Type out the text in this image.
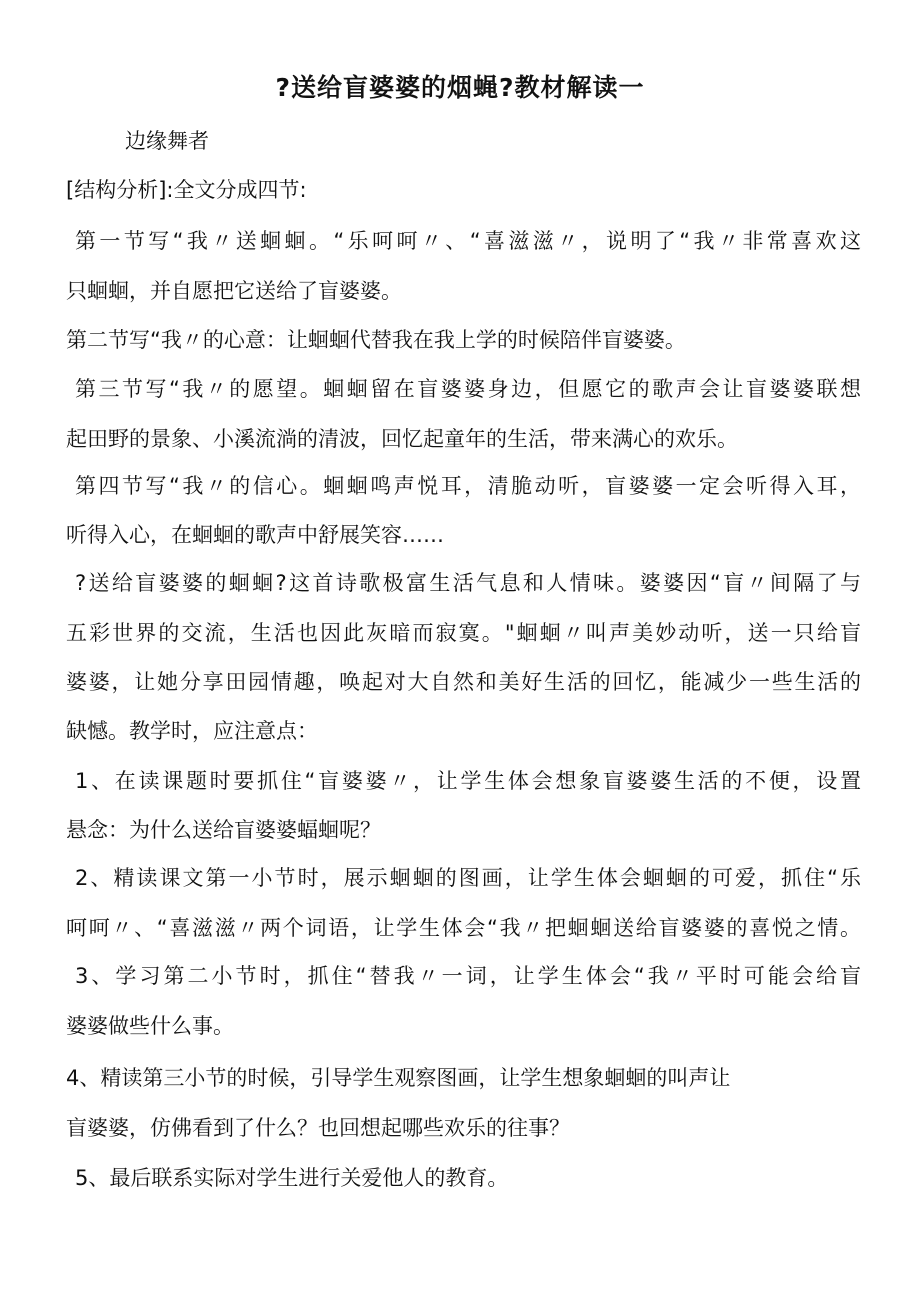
?送给盲婆婆的烟蝇?教材解读一
边缘舞者
[结构分析]:全文分成四节:
第一节写“我〃送蛔蛔。“乐呵呵〃、“喜滋滋〃，说明了“我〃非常喜欢这
只蛔蛔，并自愿把它送给了盲婆婆。
第二节写“我〃的心意：让蛔蛔代替我在我上学的时候陪伴盲婆婆。
第三节写“我〃的愿望。蛔蛔留在盲婆婆身边，但愿它的歌声会让盲婆婆联想
起田野的景象、小溪流淌的清波，回忆起童年的生活，带来满心的欢乐。
第四节写“我〃的信心。蛔蛔鸣声悦耳，清脆动听，盲婆婆一定会听得入耳，
听得入心，在蛔蛔的歌声中舒展笑容……
?送给盲婆婆的蛔蛔?这首诗歌极富生活气息和人情味。婆婆因“盲〃间隔了与
五彩世界的交流，生活也因此灰暗而寂寞。"蛔蛔〃叫声美妙动听，送一只给盲
婆婆，让她分享田园情趣，唤起对大自然和美好生活的回忆，能减少一些生活的
缺憾。教学时，应注意点：
1、在读课题时要抓住“盲婆婆〃，让学生体会想象盲婆婆生活的不便，设置
悬念：为什么送给盲婆婆蝠蛔呢？
2、精读课文第一小节时，展示蛔蛔的图画，让学生体会蛔蛔的可爱，抓住“乐
呵呵〃、“喜滋滋〃两个词语，让学生体会“我〃把蛔蛔送给盲婆婆的喜悦之情。
3、学习第二小节时，抓住“替我〃一词，让学生体会“我〃平时可能会给盲
婆婆做些什么事。
4、精读第三小节的时候，引导学生观察图画，让学生想象蛔蛔的叫声让
盲婆婆，仿佛看到了什么？也回想起哪些欢乐的往事？
5、最后联系实际对学生进行关爱他人的教育。
